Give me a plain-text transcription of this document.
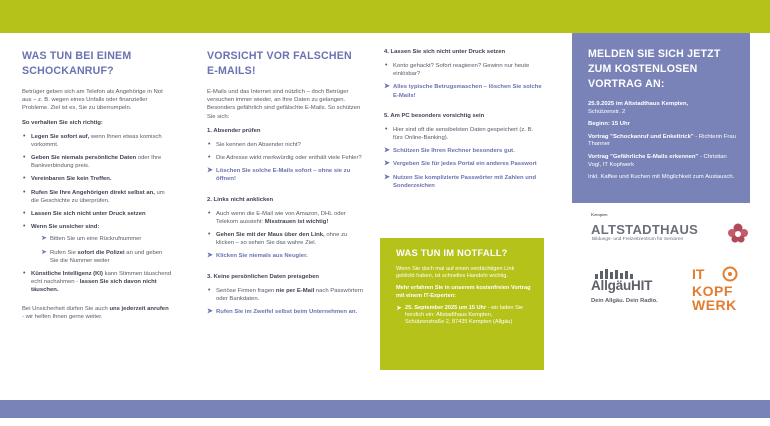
WAS TUN BEI EINEM SCHOCKANRUF?

Betrüger geben sich am Telefon als Angehörige in Not aus – z. B. wegen eines Unfalls oder finanzieller Probleme. Ziel ist es, Sie zu überrumpeln.

So verhalten Sie sich richtig:
• Legen Sie sofort auf, wenn Ihnen etwas komisch vorkommt.
• Geben Sie niemals persönliche Daten oder Ihre Bankverbindung preis.
• Vereinbaren Sie kein Treffen.
• Rufen Sie Ihre Angehörigen direkt selbst an, um die Geschichte zu überprüfen.
• Lassen Sie sich nicht unter Druck setzen
• Wenn Sie unsicher sind:
➤ Bitten Sie um eine Rückrufnummer
➤ Rufen Sie sofort die Polizei an und geben Sie die Nummer weiter
• Künstliche Intelligenz (KI) kann Stimmen täuschend echt nachahmen - lassen Sie sich davon nicht täuschen.

Bei Unsicherheit dürfen Sie auch uns jederzeit anrufen - wir helfen Ihnen gerne weiter.

VORSICHT VOR FALSCHEN E-MAILS!

E-Mails und das Internet sind nützlich – doch Betrüger versuchen immer wieder, an Ihre Daten zu gelangen. Besonders gefährlich sind gefälschte E-Mails. So schützen Sie sich:

1. Absender prüfen
• Sie kennen den Absender nicht?
• Die Adresse wirkt merkwürdig oder enthält viele Fehler?
➤ Löschen Sie solche E-Mails sofort – ohne sie zu öffnen!
2. Links nicht anklicken
• Auch wenn die E-Mail wie von Amazon, DHL oder Telekom aussieht: Misstrauen ist wichtig!
• Gehen Sie mit der Maus über den Link, ohne zu klicken – so sehen Sie das wahre Ziel.
➤ Klicken Sie niemals aus Neugier.
3. Keine persönlichen Daten preisgeben
• Seriöse Firmen fragen nie per E-Mail nach Passwörtern oder Bankdaten.
➤ Rufen Sie im Zweifel selbst beim Unternehmen an.
4. Lassen Sie sich nicht unter Druck setzen
• Konto gehackt? Sofort reagieren? Gewinn nur heute einlösbar?
➤ Alles typische Betrugsmaschen – löschen Sie solche E-Mails!
5. Am PC besonders vorsichtig sein
• Hier sind oft die sensibelsten Daten gespeichert (z. B. fürs Online-Banking).
➤ Schützen Sie Ihren Rechner besonders gut.
➤ Vergeben Sie für jedes Portal ein anderes Passwort
➤ Nutzen Sie komplizierte Passwörter mit Zahlen und Sonderzeichen
WAS TUN IM NOTFALL?

Wenn Sie doch mal auf einen verdächtigen Link geklickt haben, ist schnelles Handeln wichtig.

Mehr erfahren Sie in unserem kostenfreien Vortrag mit einem IT-Experten:

➤ 25. September 2025 um 15 Uhr - wir laden Sie herzlich ein: Altstadthaus Kempten, Schützenstraße 2, 87435 Kempten (Allgäu)
MELDEN SIE SICH JETZT ZUM KOSTENLOSEN VORTRAG AN:

25.9.2025 im Altstadthaus Kempten,

Schützenstr. 2

Beginn: 15 Uhr

Vortrag "Schockanruf und Enkeltrick" - Richterin Frau Thanner

Vortrag "Gefährliche E-Mails erkennen" - Christian Vogl, IT Kopfwerk

Inkl. Kaffee und Kuchen mit Möglichkeit zum Austausch.

Kempten
ALTSTADTHAUS
Bildungs- und Freizeitzentrum für Senioren
AllgäuHIT
Dein Allgäu. Dein Radio.
IT
KOPF
WERK
